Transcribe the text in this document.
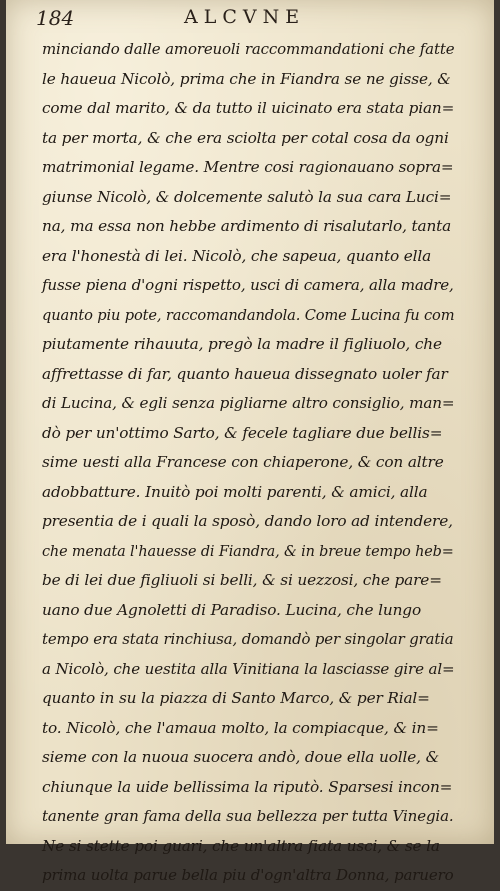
184	ALCVNE
minciando dalle amoreuoli raccommandationi che fatte
le haueua Nicolò, prima che in Fiandra se ne gisse, &
come dal marito, & da tutto il uicinato era stata pian=
ta per morta, & che era sciolta per cotal cosa da ogni
matrimonial legame. Mentre cosi ragionauano sopra=
giunse Nicolò, & dolcemente salutò la sua cara Luci=
na, ma essa non hebbe ardimento di risalutarlo, tanta
era l'honestà di lei. Nicolò, che sapeua, quanto ella
fusse piena d'ogni rispetto, usci di camera, alla madre,
quanto piu pote, raccomandandola. Come Lucina fu com
piutamente rihauuta, pregò la madre il figliuolo, che
affrettasse di far, quanto haueua dissegnato uoler far
di Lucina, & egli senza pigliarne altro consiglio, man=
dò per un'ottimo Sarto, & fecele tagliare due bellis=
sime uesti alla Francese con chiaperone, & con altre
adobbatture. Inuitò poi molti parenti, & amici, alla
presentia de i quali la sposò, dando loro ad intendere,
che menata l'hauesse di Fiandra, & in breue tempo heb=
be di lei due figliuoli si belli, & si uezzosi, che pare=
uano due Agnoletti di Paradiso. Lucina, che lungo
tempo era stata rinchiusa, domandò per singolar gratia
a Nicolò, che uestita alla Vinitiana la lasciasse gire al=
quanto in su la piazza di Santo Marco, & per Rial=
to. Nicolò, che l'amaua molto, la compiacque, & in=
sieme con la nuoua suocera andò, doue ella uolle, &
chiunque la uide bellissima la riputò. Sparsesi incon=
tanente gran fama della sua bellezza per tutta Vinegia.
Ne si stette poi guari, che un'altra fiata usci, & se la
prima uolta parue bella piu d'ogn'altra Donna, paruero
